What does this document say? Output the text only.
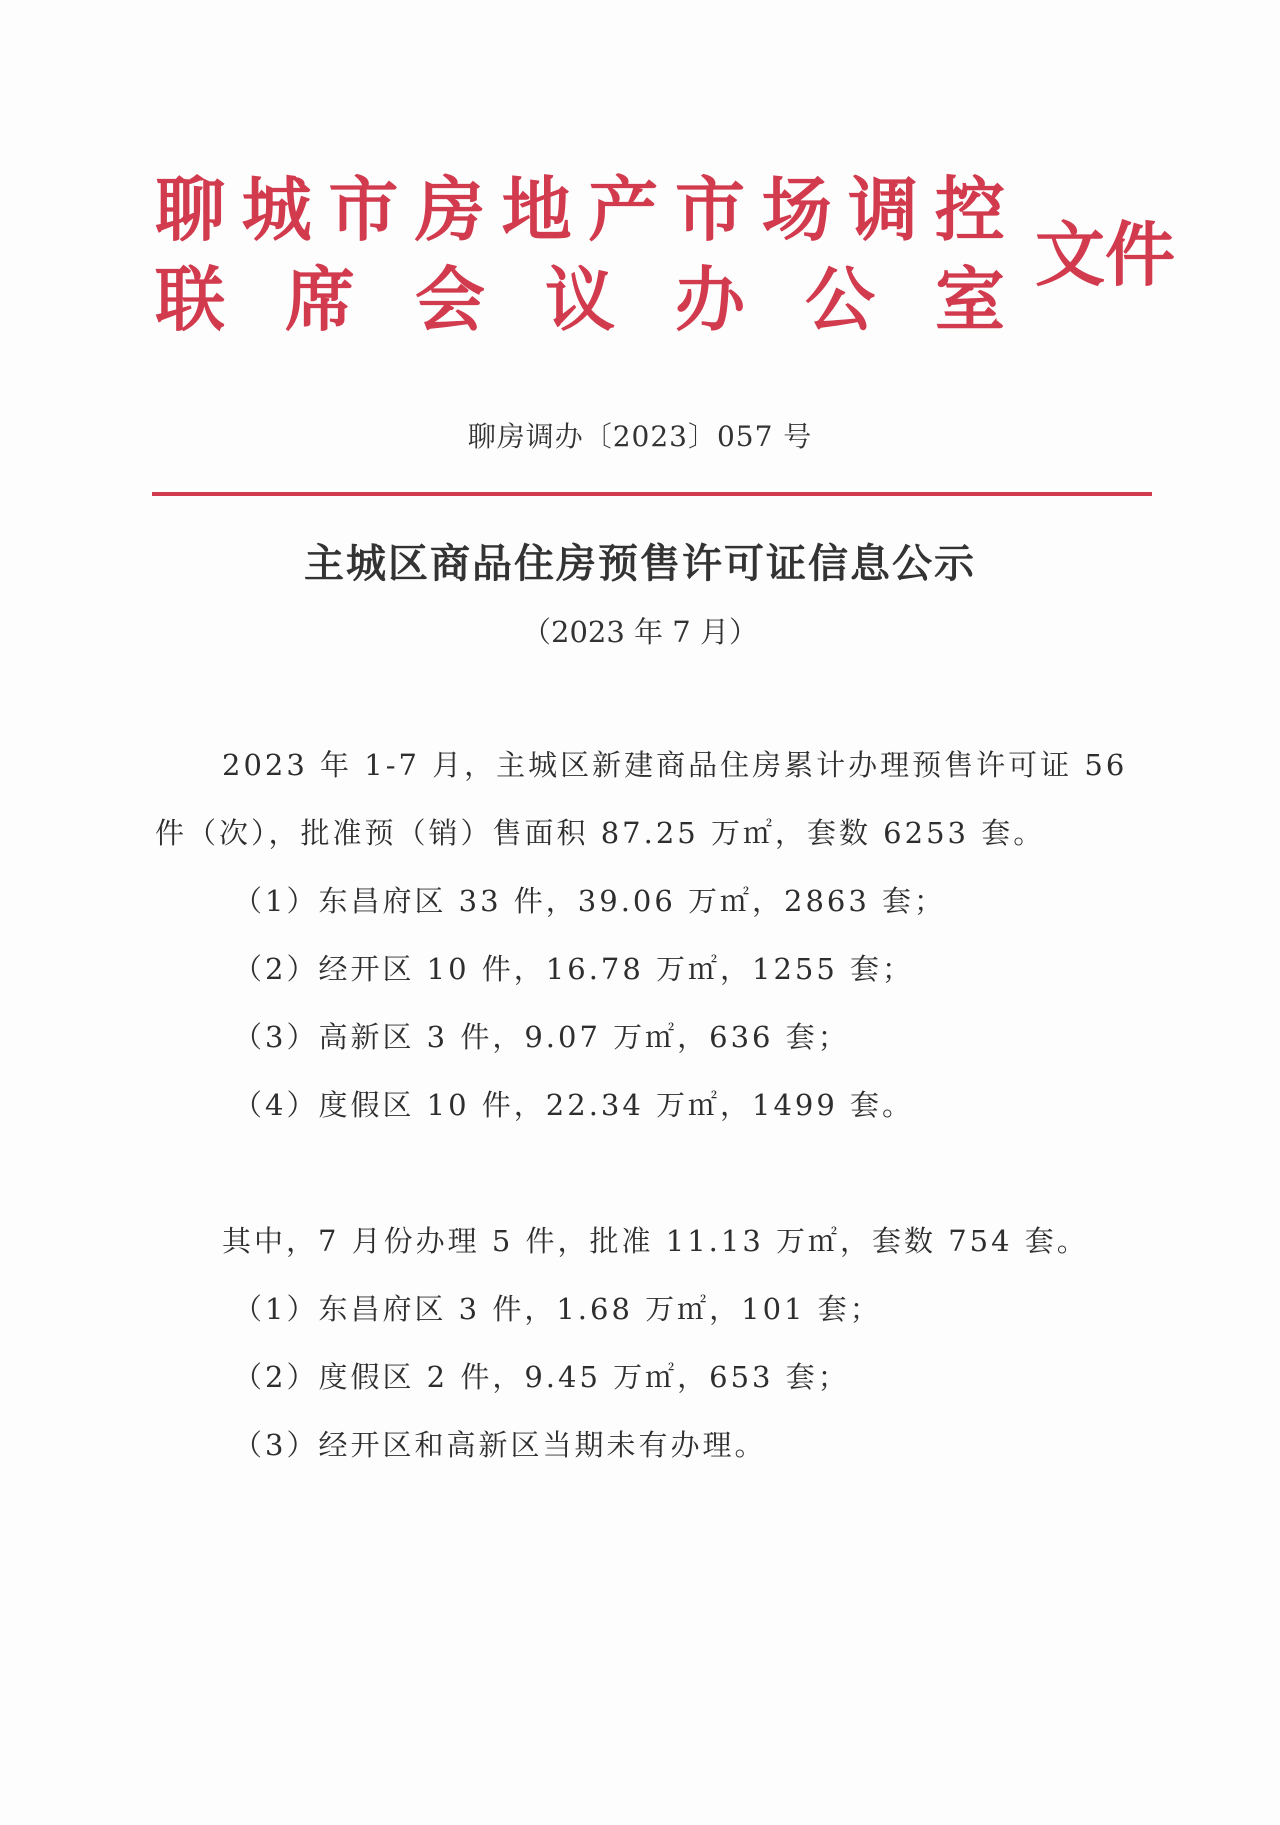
聊 城 市 房 地 产 市 场 调 控
联 席 会 议 办 公 室
文件
聊房调办〔2023〕057 号
主城区商品住房预售许可证信息公示
（2023 年 7 月）
2023 年 1-7 月，主城区新建商品住房累计办理预售许可证 56
件（次），批准预（销）售面积 87.25 万㎡，套数 6253 套。
（1）东昌府区 33 件，39.06 万㎡，2863 套；
（2）经开区 10 件，16.78 万㎡，1255 套；
（3）高新区 3 件，9.07 万㎡，636 套；
（4）度假区 10 件，22.34 万㎡，1499 套。
其中，7 月份办理 5 件，批准 11.13 万㎡，套数 754 套。
（1）东昌府区 3 件，1.68 万㎡，101 套；
（2）度假区 2 件，9.45 万㎡，653 套；
（3）经开区和高新区当期未有办理。
